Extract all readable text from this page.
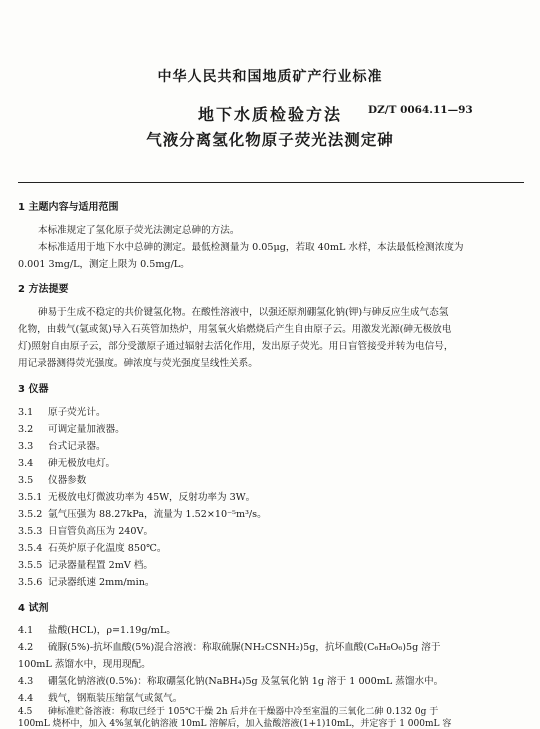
中华人民共和国地质矿产行业标准
地下水质检验方法
气液分离氢化物原子荧光法测定砷
DZ/T 0064.11—93
1 主题内容与适用范围
本标准规定了氢化原子荧光法测定总砷的方法。
本标准适用于地下水中总砷的测定。最低检测量为 0.05μg，若取 40mL 水样，本法最低检测浓度为
0.001 3mg/L，测定上限为 0.5mg/L。
2 方法提要
砷易于生成不稳定的共价键氢化物。在酸性溶液中，以强还原剂硼氢化钠(钾)与砷反应生成气态氢
化物，由载气(氩或氮)导入石英管加热炉，用氢氧火焰燃烧后产生自由原子云。用激发光源(砷无极放电
灯)照射自由原子云，部分受激原子通过辐射去活化作用，发出原子荧光。用日盲管接受并转为电信号，
用记录器测得荧光强度。砷浓度与荧光强度呈线性关系。
3 仪器
3.1 原子荧光计。
3.2 可调定量加液器。
3.3 台式记录器。
3.4 砷无极放电灯。
3.5 仪器参数
3.5.1 无极放电灯微波功率为 45W，反射功率为 3W。
3.5.2 氩气压强为 88.27kPa，流量为 1.52×10⁻⁵m³/s。
3.5.3 日盲管负高压为 240V。
3.5.4 石英炉原子化温度 850℃。
3.5.5 记录器量程置 2mV 档。
3.5.6 记录器纸速 2mm/min。
4 试剂
4.1 盐酸(HCL)，ρ=1.19g/mL。
4.2 硫脲(5%)-抗坏血酸(5%)混合溶液：称取硫脲(NH₂CSNH₂)5g，抗坏血酸(C₆H₈O₆)5g 溶于
100mL 蒸馏水中，现用现配。
4.3 硼氢化钠溶液(0.5%)：称取硼氢化钠(NaBH₄)5g 及氢氧化钠 1g 溶于 1 000mL 蒸馏水中。
4.4 载气，钢瓶装压缩氩气或氮气。
4.5 砷标准贮备溶液：称取已经于 105℃干燥 2h 后并在干燥器中冷至室温的三氧化二砷 0.132 0g 于
100mL 烧杯中，加入 4%氢氧化钠溶液 10mL 溶解后，加入盐酸溶液(1+1)10mL，并定容于 1 000mL 容
